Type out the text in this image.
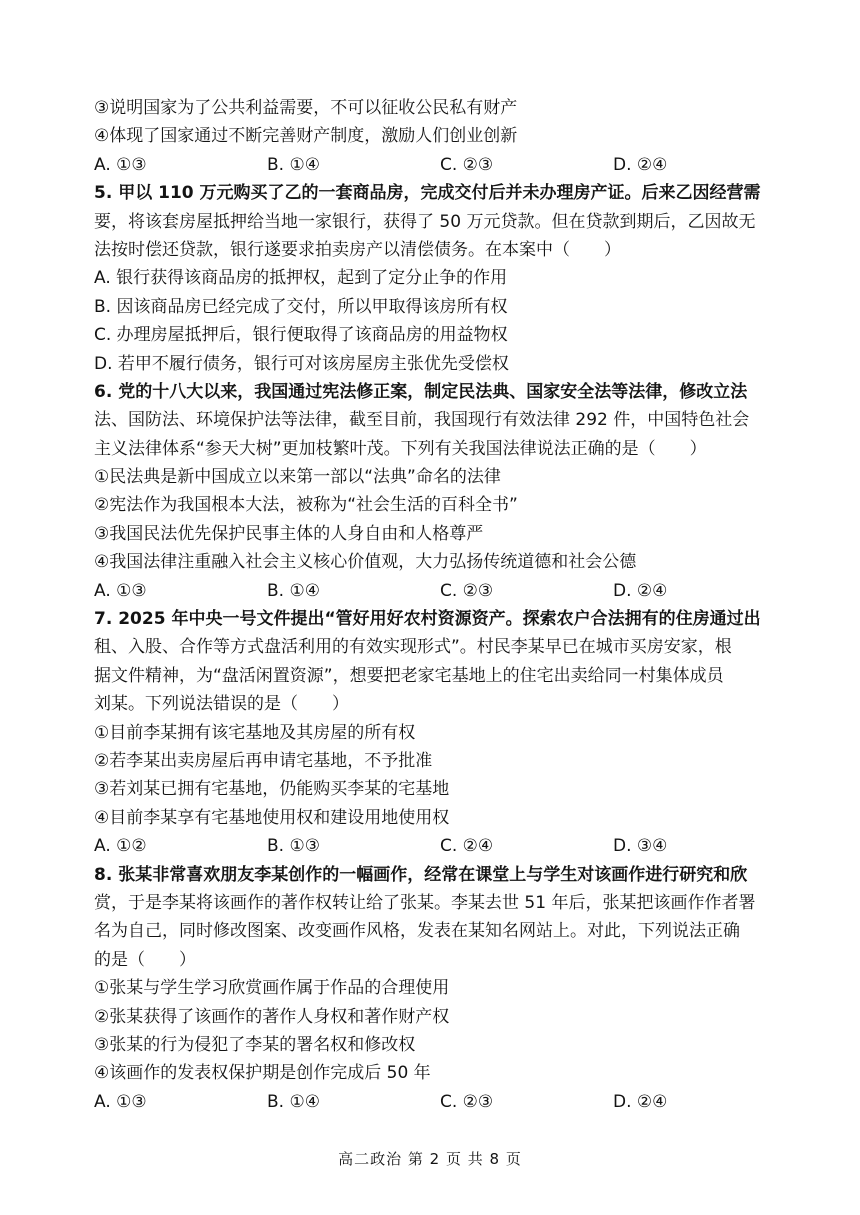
③说明国家为了公共利益需要，不可以征收公民私有财产
④体现了国家通过不断完善财产制度，激励人们创业创新
A. ①③	B. ①④	C. ②③	D. ②④
5. 甲以 110 万元购买了乙的一套商品房，完成交付后并未办理房产证。后来乙因经营需
要，将该套房屋抵押给当地一家银行，获得了 50 万元贷款。但在贷款到期后，乙因故无
法按时偿还贷款，银行遂要求拍卖房产以清偿债务。在本案中（　　）
A. 银行获得该商品房的抵押权，起到了定分止争的作用
B. 因该商品房已经完成了交付，所以甲取得该房所有权
C. 办理房屋抵押后，银行便取得了该商品房的用益物权
D. 若甲不履行债务，银行可对该房屋房主张优先受偿权
6. 党的十八大以来，我国通过宪法修正案，制定民法典、国家安全法等法律，修改立法
法、国防法、环境保护法等法律，截至目前，我国现行有效法律 292 件，中国特色社会
主义法律体系“参天大树”更加枝繁叶茂。下列有关我国法律说法正确的是（　　）
①民法典是新中国成立以来第一部以“法典”命名的法律
②宪法作为我国根本大法，被称为“社会生活的百科全书”
③我国民法优先保护民事主体的人身自由和人格尊严
④我国法律注重融入社会主义核心价值观，大力弘扬传统道德和社会公德
A. ①③	B. ①④	C. ②③	D. ②④
7. 2025 年中央一号文件提出“管好用好农村资源资产。探索农户合法拥有的住房通过出
租、入股、合作等方式盘活利用的有效实现形式”。村民李某早已在城市买房安家，根
据文件精神，为“盘活闲置资源”，想要把老家宅基地上的住宅出卖给同一村集体成员
刘某。下列说法错误的是（　　）
①目前李某拥有该宅基地及其房屋的所有权
②若李某出卖房屋后再申请宅基地，不予批准
③若刘某已拥有宅基地，仍能购买李某的宅基地
④目前李某享有宅基地使用权和建设用地使用权
A. ①②	B. ①③	C. ②④	D. ③④
8. 张某非常喜欢朋友李某创作的一幅画作，经常在课堂上与学生对该画作进行研究和欣
赏，于是李某将该画作的著作权转让给了张某。李某去世 51 年后，张某把该画作作者署
名为自己，同时修改图案、改变画作风格，发表在某知名网站上。对此，下列说法正确
的是（　　）
①张某与学生学习欣赏画作属于作品的合理使用
②张某获得了该画作的著作人身权和著作财产权
③张某的行为侵犯了李某的署名权和修改权
④该画作的发表权保护期是创作完成后 50 年
A. ①③	B. ①④	C. ②③	D. ②④
高二政治 第 2 页 共 8 页
